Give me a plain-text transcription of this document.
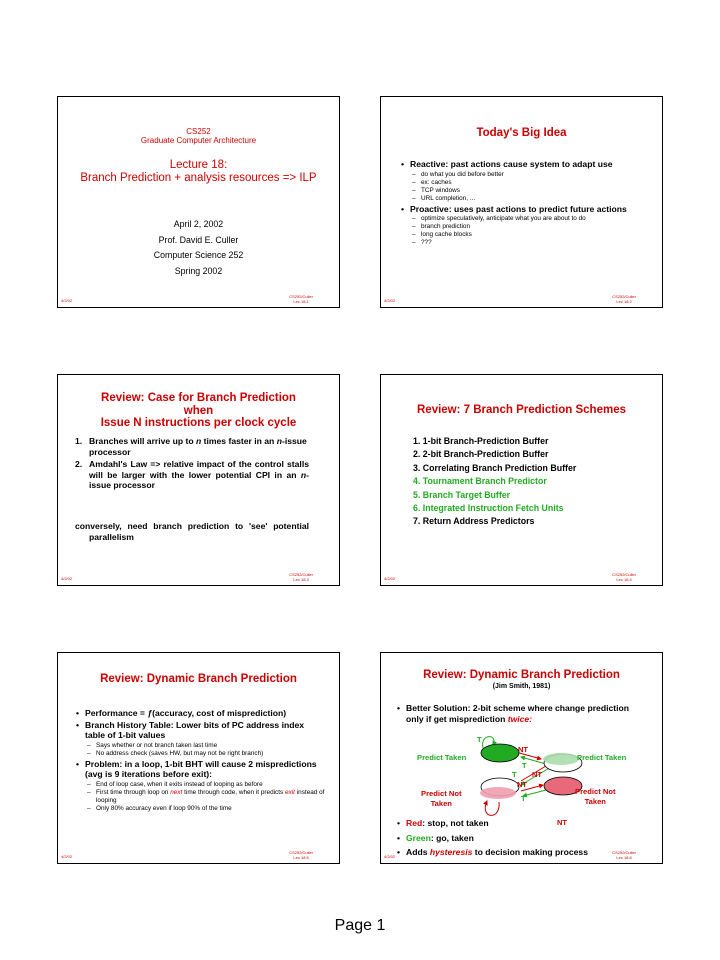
CS252
Graduate Computer Architecture
Lecture 18:
Branch Prediction + analysis resources => ILP
April 2, 2002
Prof. David E. Culler
Computer Science 252
Spring 2002
4/2/02
CS252/Culler
Lec 18.1
Today's Big Idea
• Reactive: past actions cause system to adapt use
– do what you did before better
– ex: caches
– TCP windows
– URL completion, ...
• Proactive: uses past actions to predict future actions
– optimize speculatively, anticipate what you are about to do
– branch prediction
– long cache blocks
– ???
4/2/02
CS252/Culler
Lec 18.2
Review: Case for Branch Prediction
when
Issue N instructions per clock cycle
1. Branches will arrive up to n times faster in an n-issue processor
2. Amdahl's Law => relative impact of the control stalls will be larger with the lower potential CPI in an n-issue processor
conversely, need branch prediction to 'see' potential parallelism
4/2/02
CS252/Culler
Lec 18.3
Review: 7 Branch Prediction Schemes
1. 1-bit Branch-Prediction Buffer
2. 2-bit Branch-Prediction Buffer
3. Correlating Branch Prediction Buffer
4. Tournament Branch Predictor
5. Branch Target Buffer
6. Integrated Instruction Fetch Units
7. Return Address Predictors
4/2/02
CS252/Culler
Lec 18.4
Review: Dynamic Branch Prediction
• Performance = ƒ(accuracy, cost of misprediction)
• Branch History Table: Lower bits of PC address index table of 1-bit values
– Says whether or not branch taken last time
– No address check (saves HW, but may not be right branch)
• Problem: in a loop, 1-bit BHT will cause 2 mispredictions (avg is 9 iterations before exit):
– End of loop case, when it exits instead of looping as before
– First time through loop on next time through code, when it predicts exit instead of looping
– Only 80% accuracy even if loop 90% of the time
4/2/02
CS252/Culler
Lec 18.5
Review: Dynamic Branch Prediction
(Jim Smith, 1981)
• Better Solution: 2-bit scheme where change prediction only if get misprediction twice:
Predict Taken	Predict Taken
Predict Not
Taken
Predict Not
Taken
T
NT
T
T NT
NT
T
NT
• Red: stop, not taken
• Green: go, taken
• Adds hysteresis to decision making process
4/2/02
CS252/Culler
Lec 18.6
Page 1
